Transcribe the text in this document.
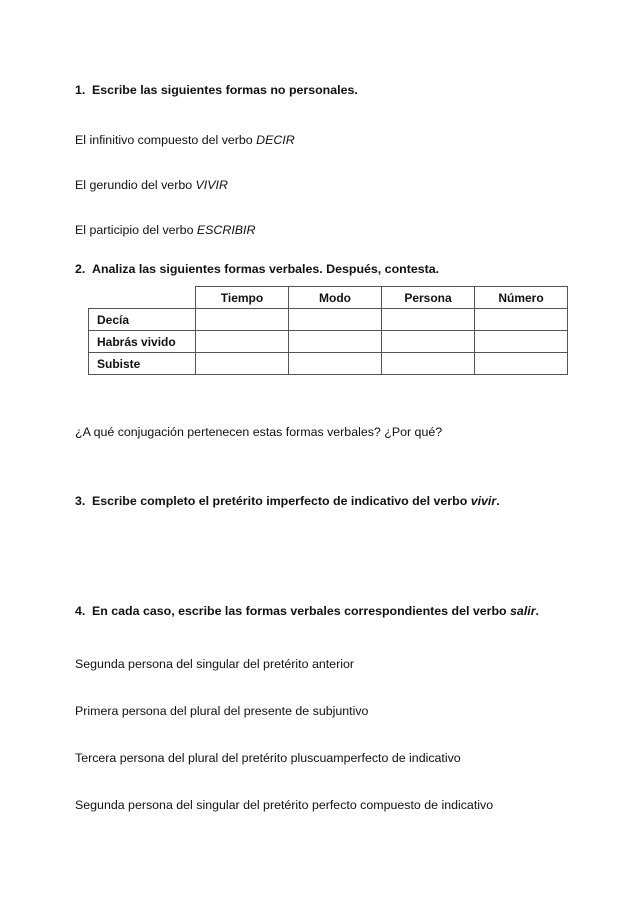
1. Escribe las siguientes formas no personales.
El infinitivo compuesto del verbo DECIR
El gerundio del verbo VIVIR
El participio del verbo ESCRIBIR
2. Analiza las siguientes formas verbales. Después, contesta.
	Tiempo	Modo	Persona	Número
Decía				
Habrás vivido				
Subiste				
¿A qué conjugación pertenecen estas formas verbales? ¿Por qué?
3. Escribe completo el pretérito imperfecto de indicativo del verbo vivir.
4. En cada caso, escribe las formas verbales correspondientes del verbo salir.
Segunda persona del singular del pretérito anterior
Primera persona del plural del presente de subjuntivo
Tercera persona del plural del pretérito pluscuamperfecto de indicativo
Segunda persona del singular del pretérito perfecto compuesto de indicativo
